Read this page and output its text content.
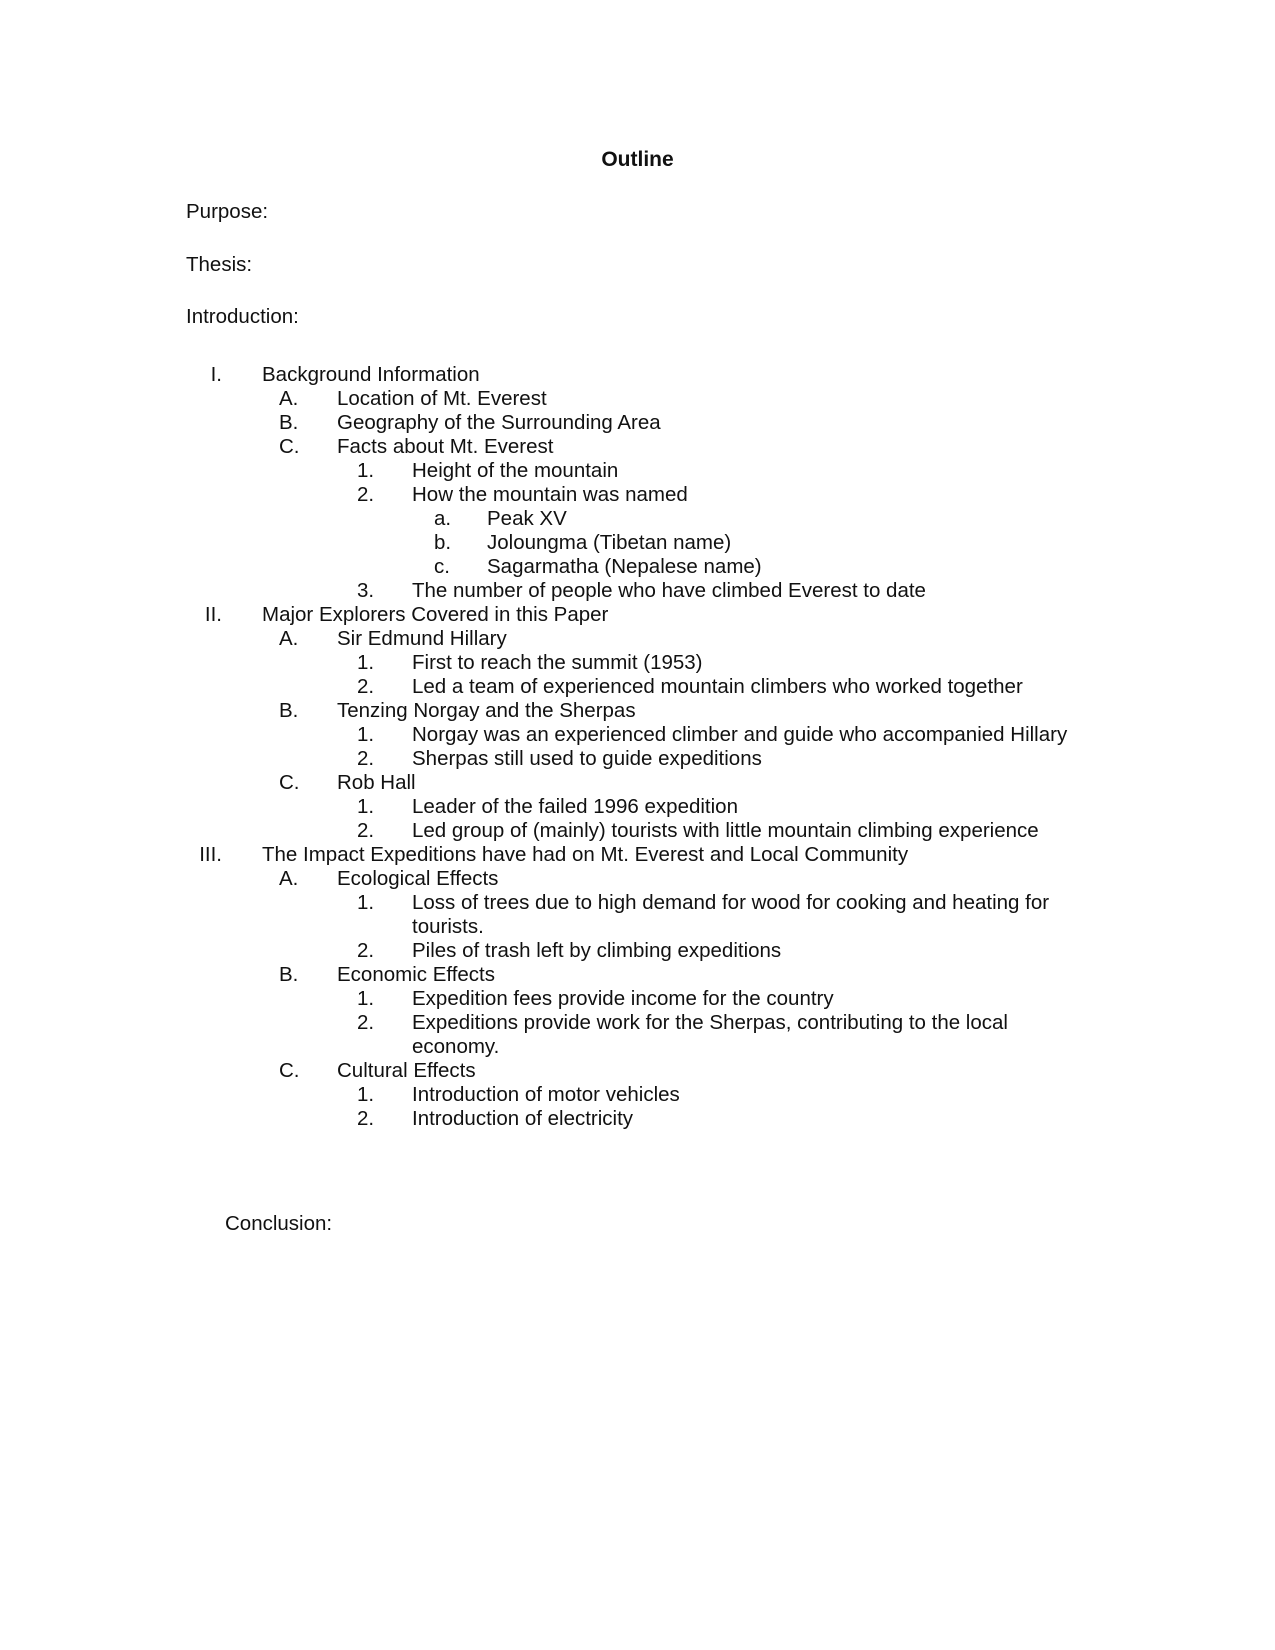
Outline
Purpose:
Thesis:
Introduction:
I. Background Information
A. Location of Mt. Everest
B. Geography of the Surrounding Area
C. Facts about Mt. Everest
1. Height of the mountain
2. How the mountain was named
a. Peak XV
b. Joloungma (Tibetan name)
c. Sagarmatha (Nepalese name)
3. The number of people who have climbed Everest to date
II. Major Explorers Covered in this Paper
A. Sir Edmund Hillary
1. First to reach the summit (1953)
2. Led a team of experienced mountain climbers who worked together
B. Tenzing Norgay and the Sherpas
1. Norgay was an experienced climber and guide who accompanied Hillary
2. Sherpas still used to guide expeditions
C. Rob Hall
1. Leader of the failed 1996 expedition
2. Led group of (mainly) tourists with little mountain climbing experience
III. The Impact Expeditions have had on Mt. Everest and Local Community
A. Ecological Effects
1. Loss of trees due to high demand for wood for cooking and heating for tourists.
2. Piles of trash left by climbing expeditions
B. Economic Effects
1. Expedition fees provide income for the country
2. Expeditions provide work for the Sherpas, contributing to the local economy.
C. Cultural Effects
1. Introduction of motor vehicles
2. Introduction of electricity
Conclusion:
